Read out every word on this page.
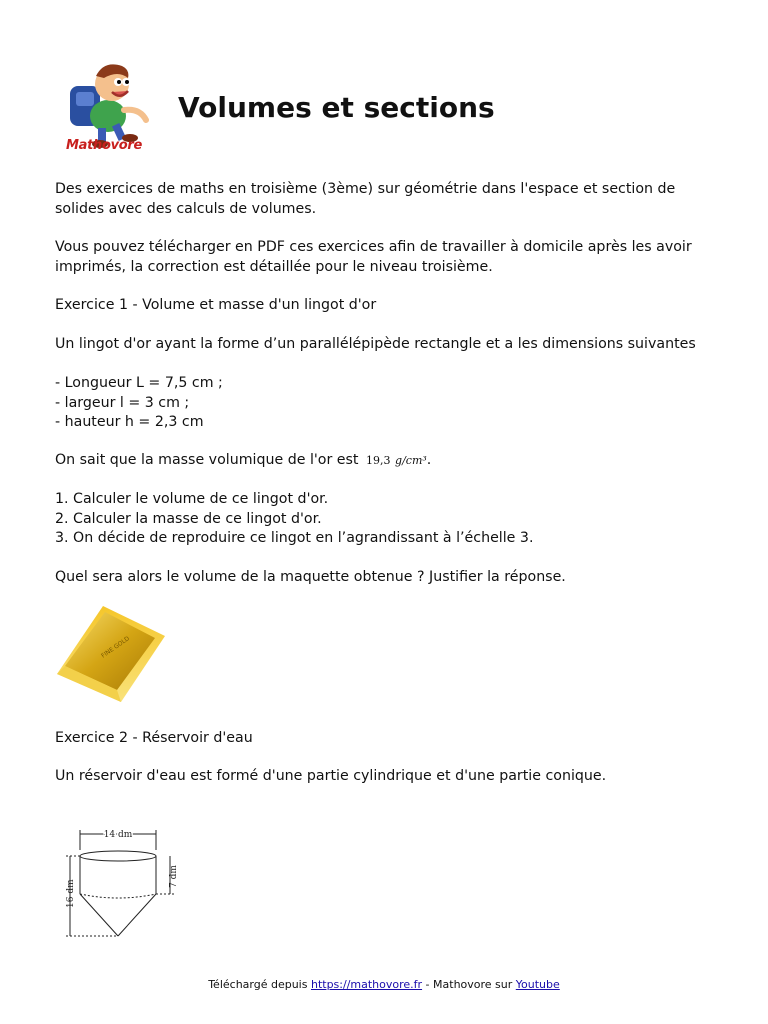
Mathovore
Volumes et sections

Des exercices de maths en troisième (3ème) sur géométrie dans l'espace et section de
solides avec des calculs de volumes.

Vous pouvez télécharger en PDF ces exercices afin de travailler à domicile après les avoir
imprimés, la correction est détaillée pour le niveau troisième.

Exercice 1 - Volume et masse d'un lingot d'or

Un lingot d'or ayant la forme d’un parallélépipède rectangle et a les dimensions suivantes

- Longueur L = 7,5 cm ;
- largeur l = 3 cm ;
- hauteur h = 2,3 cm

On sait que la masse volumique de l'or est 19,3 g/cm³.

1. Calculer le volume de ce lingot d'or.
2. Calculer la masse de ce lingot d'or.
3. On décide de reproduire ce lingot en l’agrandissant à l’échelle 3.

Quel sera alors le volume de la maquette obtenue ? Justifier la réponse.

FINE GOLD

Exercice 2 - Réservoir d'eau

Un réservoir d'eau est formé d'une partie cylindrique et d'une partie conique.

14 dm
16 dm
7 dm
Téléchargé depuis https://mathovore.fr - Mathovore sur Youtube
